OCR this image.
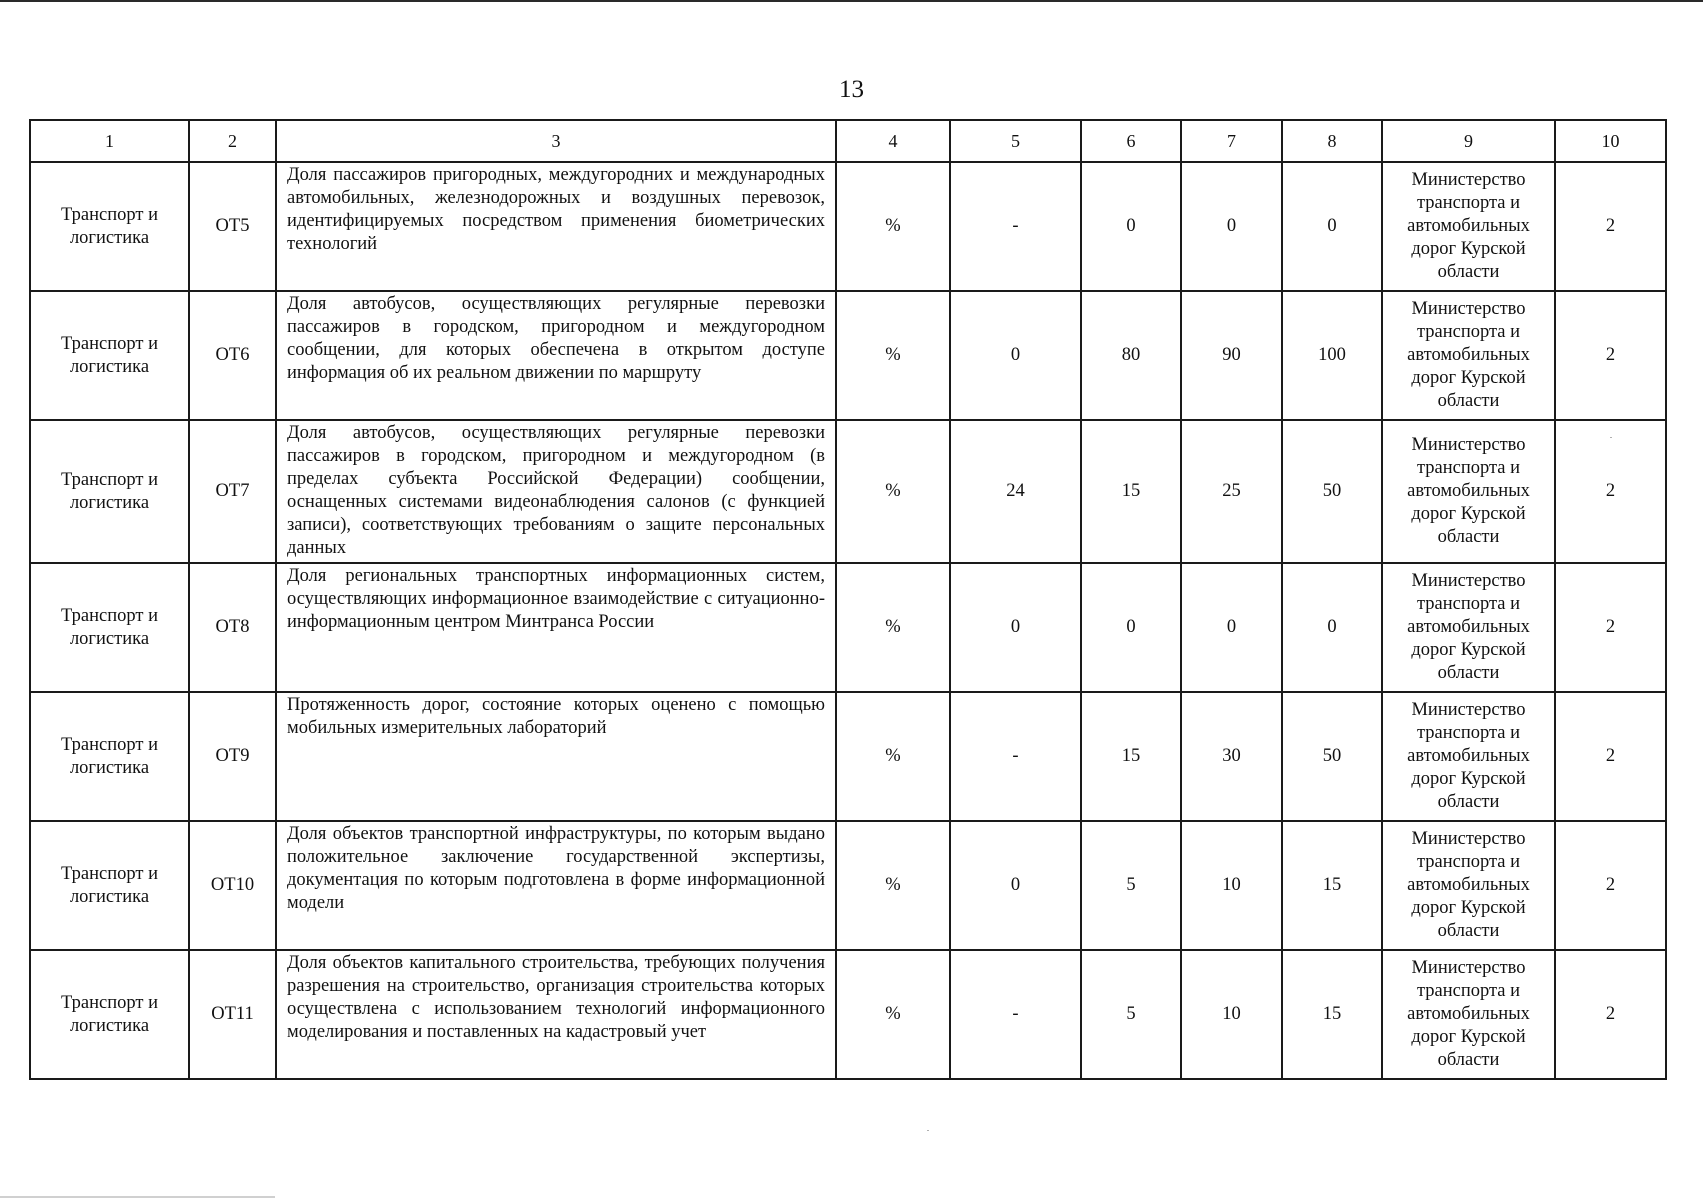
13
1	2	3	4	5	6	7	8	9	10
Транспорт и логистика	ОТ5	Доля пассажиров пригородных, междугородних и международных автомобильных, железнодорожных и воздушных перевозок, идентифицируемых посредством применения биометрических технологий	%	-	0	0	0	Министерство транспорта и автомобильных дорог Курской области	2
Транспорт и логистика	ОТ6	Доля автобусов, осуществляющих регулярные перевозки пассажиров в городском, пригородном и междугородном сообщении, для которых обеспечена в открытом доступе информация об их реальном движении по маршруту	%	0	80	90	100	Министерство транспорта и автомобильных дорог Курской области	2
Транспорт и логистика	ОТ7	Доля автобусов, осуществляющих регулярные перевозки пассажиров в городском, пригородном и междугородном (в пределах субъекта Российской Федерации) сообщении, оснащенных системами видеонаблюдения салонов (с функцией записи), соответствующих требованиям о защите персональных данных	%	24	15	25	50	Министерство транспорта и автомобильных дорог Курской области	2
Транспорт и логистика	ОТ8	Доля региональных транспортных информационных систем, осуществляющих информационное взаимодействие с ситуационно-информационным центром Минтранса России	%	0	0	0	0	Министерство транспорта и автомобильных дорог Курской области	2
Транспорт и логистика	ОТ9	Протяженность дорог, состояние которых оценено с помощью мобильных измерительных лабораторий	%	-	15	30	50	Министерство транспорта и автомобильных дорог Курской области	2
Транспорт и логистика	ОТ10	Доля объектов транспортной инфраструктуры, по которым выдано положительное заключение государственной экспертизы, документация по которым подготовлена в форме информационной модели	%	0	5	10	15	Министерство транспорта и автомобильных дорог Курской области	2
Транспорт и логистика	ОТ11	Доля объектов капитального строительства, требующих получения разрешения на строительство, организация строительства которых осуществлена с использованием технологий информационного моделирования и поставленных на кадастровый учет	%	-	5	10	15	Министерство транспорта и автомобильных дорог Курской области	2
